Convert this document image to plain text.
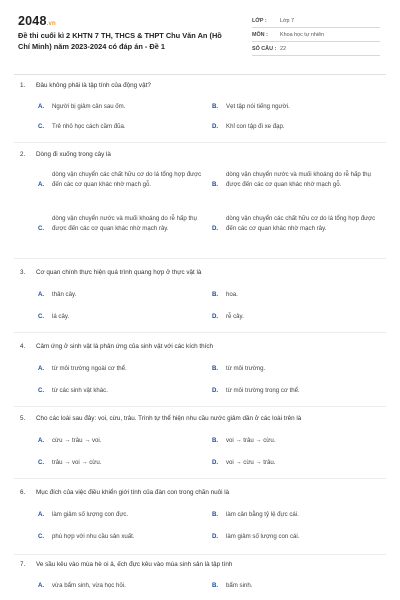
2048.vn
Đề thi cuối kì 2 KHTN 7 TH, THCS & THPT Chu Văn An (Hồ Chí Minh) năm 2023-2024 có đáp án - Đề 1
LỚP :	Lớp 7
MÔN :	Khoa học tự nhiên
SỐ CÂU : 22
1. Đâu không phải là tập tính của động vật?
A. Người bị giảm cân sau ốm.	B. Vẹt tập nói tiếng người.
C. Trẻ nhỏ học cách cầm đũa.	D. Khỉ con tập đi xe đạp.
2. Dòng đi xuống trong cây là
A.
dòng vận chuyển các chất hữu cơ do lá tổng hợp được đến các cơ quan khác nhờ mạch gỗ.	B.
dòng vận chuyển nước và muối khoáng do rễ hấp thụ được đến các cơ quan khác nhờ mạch gỗ.
C.
dòng vận chuyển nước và muối khoáng do rễ hấp thụ được đến các cơ quan khác nhờ mạch rây.	D.
dòng vận chuyển các chất hữu cơ do lá tổng hợp được đến các cơ quan khác nhờ mạch rây.
3. Cơ quan chính thực hiện quá trình quang hợp ở thực vật là
A. thân cây.	B. hoa.
C. lá cây.	D. rễ cây.
4. Cảm ứng ở sinh vật là phản ứng của sinh vật với các kích thích
A. từ môi trường ngoài cơ thể.	B. từ môi trường.
C. từ các sinh vật khác.	D. từ môi trường trong cơ thể.
5. Cho các loài sau đây: voi, cừu, trâu. Trình tự thể hiện nhu cầu nước giảm dần ở các loài trên là
A. cừu → trâu → voi.	B. voi → trâu → cừu.
C. trâu → voi → cừu.	D. voi → cừu → trâu.
6. Mục đích của việc điều khiển giới tính của đàn con trong chăn nuôi là
A. làm giảm số lượng con đực.	B. làm cân bằng tỷ lệ đực cái.
C. phù hợp với nhu cầu sản xuất.	D. làm giảm số lượng con cái.
7. Ve sầu kêu vào mùa hè oi ả, ếch đực kêu vào mùa sinh sản là tập tính
A. vừa bẩm sinh, vừa học hỏi.	B. bẩm sinh.
